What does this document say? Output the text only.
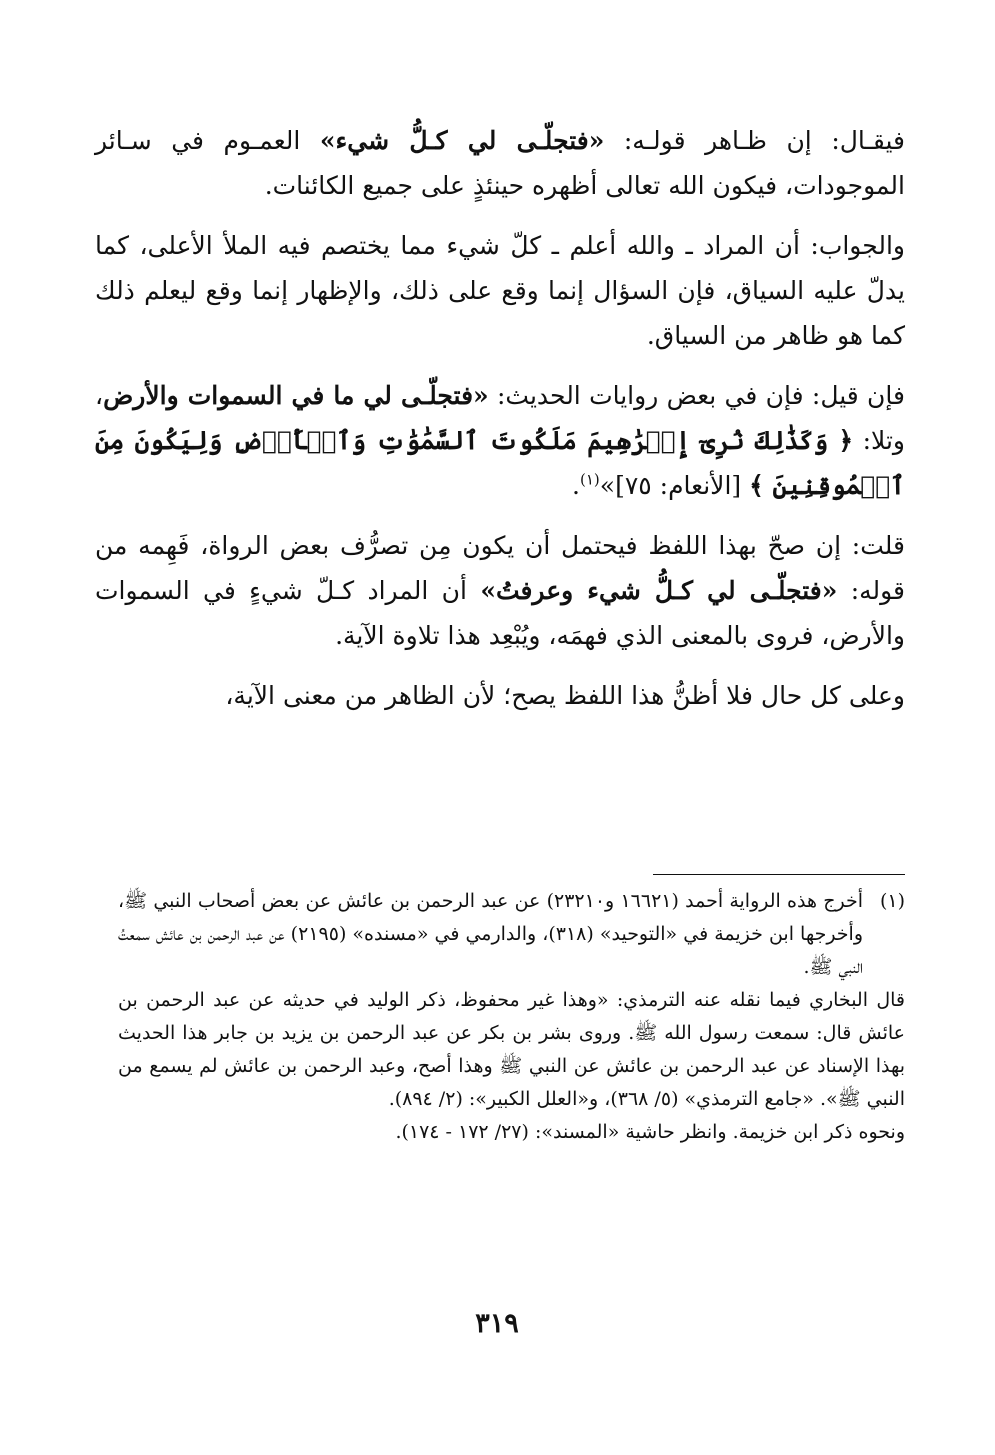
فيقـال: إن ظـاهر قولـه: «فتجلّـى لي كـلُّ شيء» العمـوم في سـائر الموجودات، فيكون الله تعالى أظهره حينئذٍ على جميع الكائنات.

والجواب: أن المراد ـ والله أعلم ـ كلّ شيء مما يختصم فيه الملأ الأعلى، كما يدلّ عليه السياق، فإن السؤال إنما وقع على ذلك، والإظهار إنما وقع ليعلم ذلك كما هو ظاهر من السياق.

فإن قيل: فإن في بعض روايات الحديث: «فتجلّـى لي ما في السموات والأرض، وتلا: ﴿ وَكَذَٰلِكَ نُرِىٓ إِبۡرَٰهِيمَ مَلَكُوتَ ٱلسَّمَٰوَٰتِ وَٱلۡأَرۡضِ وَلِيَكُونَ مِنَ ٱلۡمُوقِنِينَ ﴾ [الأنعام: ٧٥]»$^{(١)}$.

قلت: إن صحّ بهذا اللفظ فيحتمل أن يكون مِن تصرُّف بعض الرواة، فَهِمه من قوله: «فتجلّـى لي كـلُّ شيء وعرفتُ» أن المراد كـلّ شيءٍ في السموات والأرض، فروى بالمعنى الذي فهمَه، ويُبْعِد هذا تلاوة الآية.

وعلى كل حال فلا أظنُّ هذا اللفظ يصح؛ لأن الظاهر من معنى الآية،

(١)

أخرج هذه الرواية أحمد (١٦٦٢١ و٢٣٢١٠) عن عبد الرحمن بن عائش عن بعض أصحاب النبي ﷺ، وأخرجها ابن خزيمة في «التوحيد» (٣١٨)، والدارمي في «مسنده» (٢١٩٥) عن عبد الرحمن بن عائش سمعتُ النبي ﷺ.

قال البخاري فيما نقله عنه الترمذي: «وهذا غير محفوظ، ذكر الوليد في حديثه عن عبد الرحمن بن عائش قال: سمعت رسول الله ﷺ. وروى بشر بن بكر عن عبد الرحمن بن يزيد بن جابر هذا الحديث بهذا الإسناد عن عبد الرحمن بن عائش عن النبي ﷺ وهذا أصح، وعبد الرحمن بن عائش لم يسمع من النبي ﷺ». «جامع الترمذي» (٥/ ٣٦٨)، و«العلل الكبير»: (٢/ ٨٩٤).

ونحوه ذكر ابن خزيمة. وانظر حاشية «المسند»: (٢٧/ ١٧٢ - ١٧٤).

٣١٩
